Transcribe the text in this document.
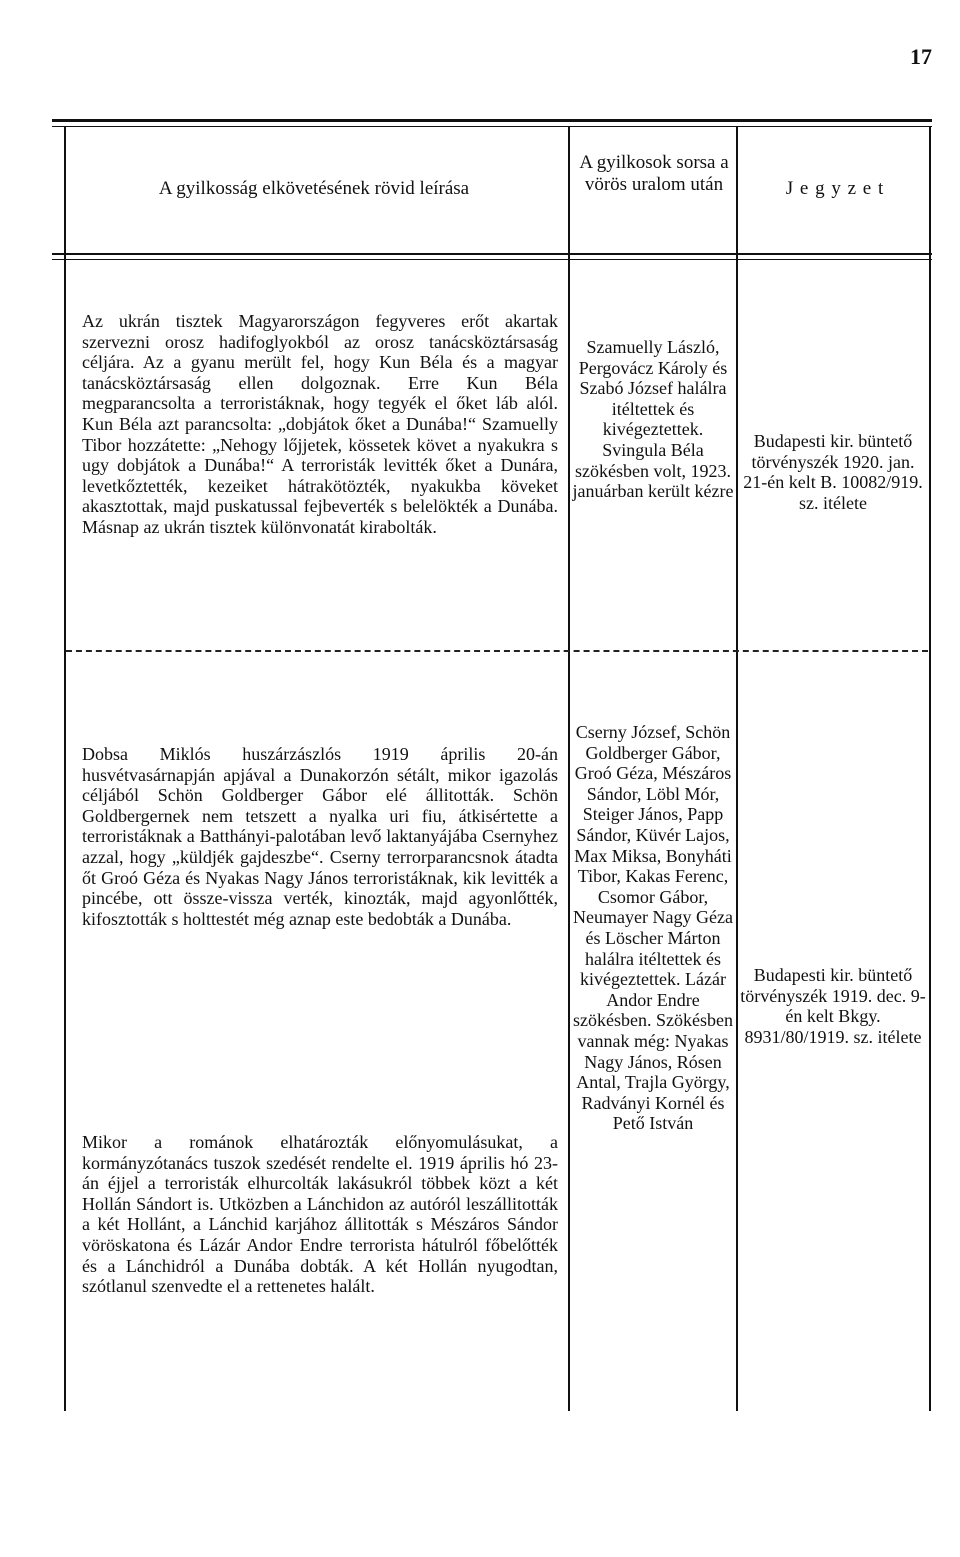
17
A gyilkosság elkövetésének rövid leírása
A gyilkosok sorsa a vörös uralom után	J e g y z e t
Az ukrán tisztek Magyarországon fegyveres erőt akartak szervezni orosz hadifoglyokból az orosz tanácsköztársaság céljára. Az a gyanu merült fel, hogy Kun Béla és a magyar tanácsköztársaság ellen dolgoznak. Erre Kun Béla megparancsolta a terroristáknak, hogy tegyék el őket láb alól. Kun Béla azt parancsolta: „dobjátok őket a Dunába!“ Szamuelly Tibor hozzátette: „Nehogy lőjjetek, kössetek követ a nyakukra s ugy dobjátok a Dunába!“ A terroristák levitték őket a Dunára, levetkőztették, kezeiket hátrakötözték, nyakukba köveket akasztottak, majd puskatussal fejbeverték s belelökték a Dunába. Másnap az ukrán tisztek különvonatát kirabolták.
Szamuelly László, Pergovácz Károly és Szabó József halálra itéltettek és kivégeztettek. Svingula Béla szökésben volt, 1923. januárban került kézre
Budapesti kir. büntető törvényszék 1920. jan. 21-én kelt B. 10082/919. sz. itélete
Dobsa Miklós huszárzászlós 1919 április 20-án husvétvasárnapján apjával a Dunakorzón sétált, mikor igazolás céljából Schön Goldberger Gábor elé állitották. Schön Goldbergernek nem tetszett a nyalka uri fiu, átkisértette a terroristáknak a Batthányi-palotában levő laktanyájába Csernyhez azzal, hogy „küldjék gajdeszbe“. Cserny terrorparancsnok átadta őt Groó Géza és Nyakas Nagy János terroristáknak, kik levitték a pincébe, ott össze-vissza verték, kinozták, majd agyonlőtték, kifosztották s holttestét még aznap este bedobták a Dunába.
Mikor a románok elhatározták előnyomulásukat, a kormányzótanács tuszok szedését rendelte el. 1919 április hó 23-án éjjel a terroristák elhurcolták lakásukról többek közt a két Hollán Sándort is. Utközben a Lánchidon az autóról leszállitották a két Hollánt, a Lánchid karjához állitották s Mészáros Sándor vöröskatona és Lázár Andor Endre terrorista hátulról főbelőtték és a Lánchidról a Dunába dobták. A két Hollán nyugodtan, szótlanul szenvedte el a rettenetes halált.
Cserny József, Schön Goldberger Gábor, Groó Géza, Mészáros Sándor, Löbl Mór, Steiger János, Papp Sándor, Küvér Lajos, Max Miksa, Bonyháti Tibor, Kakas Ferenc, Csomor Gábor, Neumayer Nagy Géza és Löscher Márton halálra itéltettek és kivégeztettek. Lázár Andor Endre szökésben. Szökésben vannak még: Nyakas Nagy János, Rósen Antal, Trajla György, Radványi Kornél és Pető István
Budapesti kir. büntető törvényszék 1919. dec. 9-én kelt Bkgy. 8931/80/1919. sz. itélete
